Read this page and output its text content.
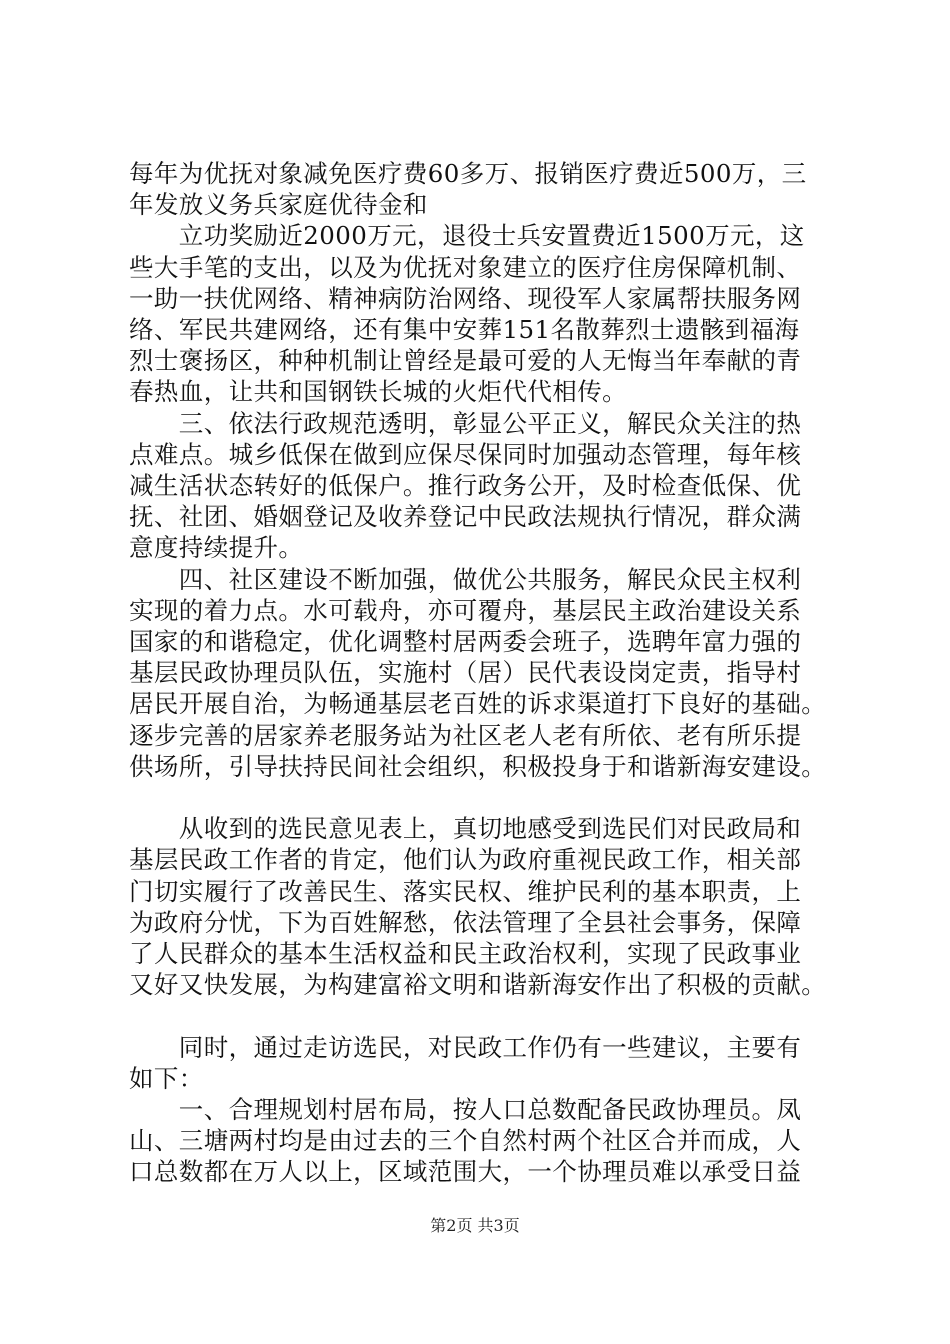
每年为优抚对象减免医疗费60多万、报销医疗费近500万，三
年发放义务兵家庭优待金和
　　立功奖励近2000万元，退役士兵安置费近1500万元，这
些大手笔的支出，以及为优抚对象建立的医疗住房保障机制、
一助一扶优网络、精神病防治网络、现役军人家属帮扶服务网
络、军民共建网络，还有集中安葬151名散葬烈士遗骸到福海
烈士褒扬区，种种机制让曾经是最可爱的人无悔当年奉献的青
春热血，让共和国钢铁长城的火炬代代相传。
　　三、依法行政规范透明，彰显公平正义，解民众关注的热
点难点。城乡低保在做到应保尽保同时加强动态管理，每年核
减生活状态转好的低保户。推行政务公开，及时检查低保、优
抚、社团、婚姻登记及收养登记中民政法规执行情况，群众满
意度持续提升。
　　四、社区建设不断加强，做优公共服务，解民众民主权利
实现的着力点。水可载舟，亦可覆舟，基层民主政治建设关系
国家的和谐稳定，优化调整村居两委会班子，选聘年富力强的
基层民政协理员队伍，实施村（居）民代表设岗定责，指导村
居民开展自治，为畅通基层老百姓的诉求渠道打下良好的基础。
逐步完善的居家养老服务站为社区老人老有所依、老有所乐提
供场所，引导扶持民间社会组织，积极投身于和谐新海安建设。
　　从收到的选民意见表上，真切地感受到选民们对民政局和
基层民政工作者的肯定，他们认为政府重视民政工作，相关部
门切实履行了改善民生、落实民权、维护民利的基本职责，上
为政府分忧，下为百姓解愁，依法管理了全县社会事务，保障
了人民群众的基本生活权益和民主政治权利，实现了民政事业
又好又快发展，为构建富裕文明和谐新海安作出了积极的贡献。
　　同时，通过走访选民，对民政工作仍有一些建议，主要有
如下：
　　一、合理规划村居布局，按人口总数配备民政协理员。凤
山、三塘两村均是由过去的三个自然村两个社区合并而成，人
口总数都在万人以上，区域范围大，一个协理员难以承受日益
第2页 共3页
